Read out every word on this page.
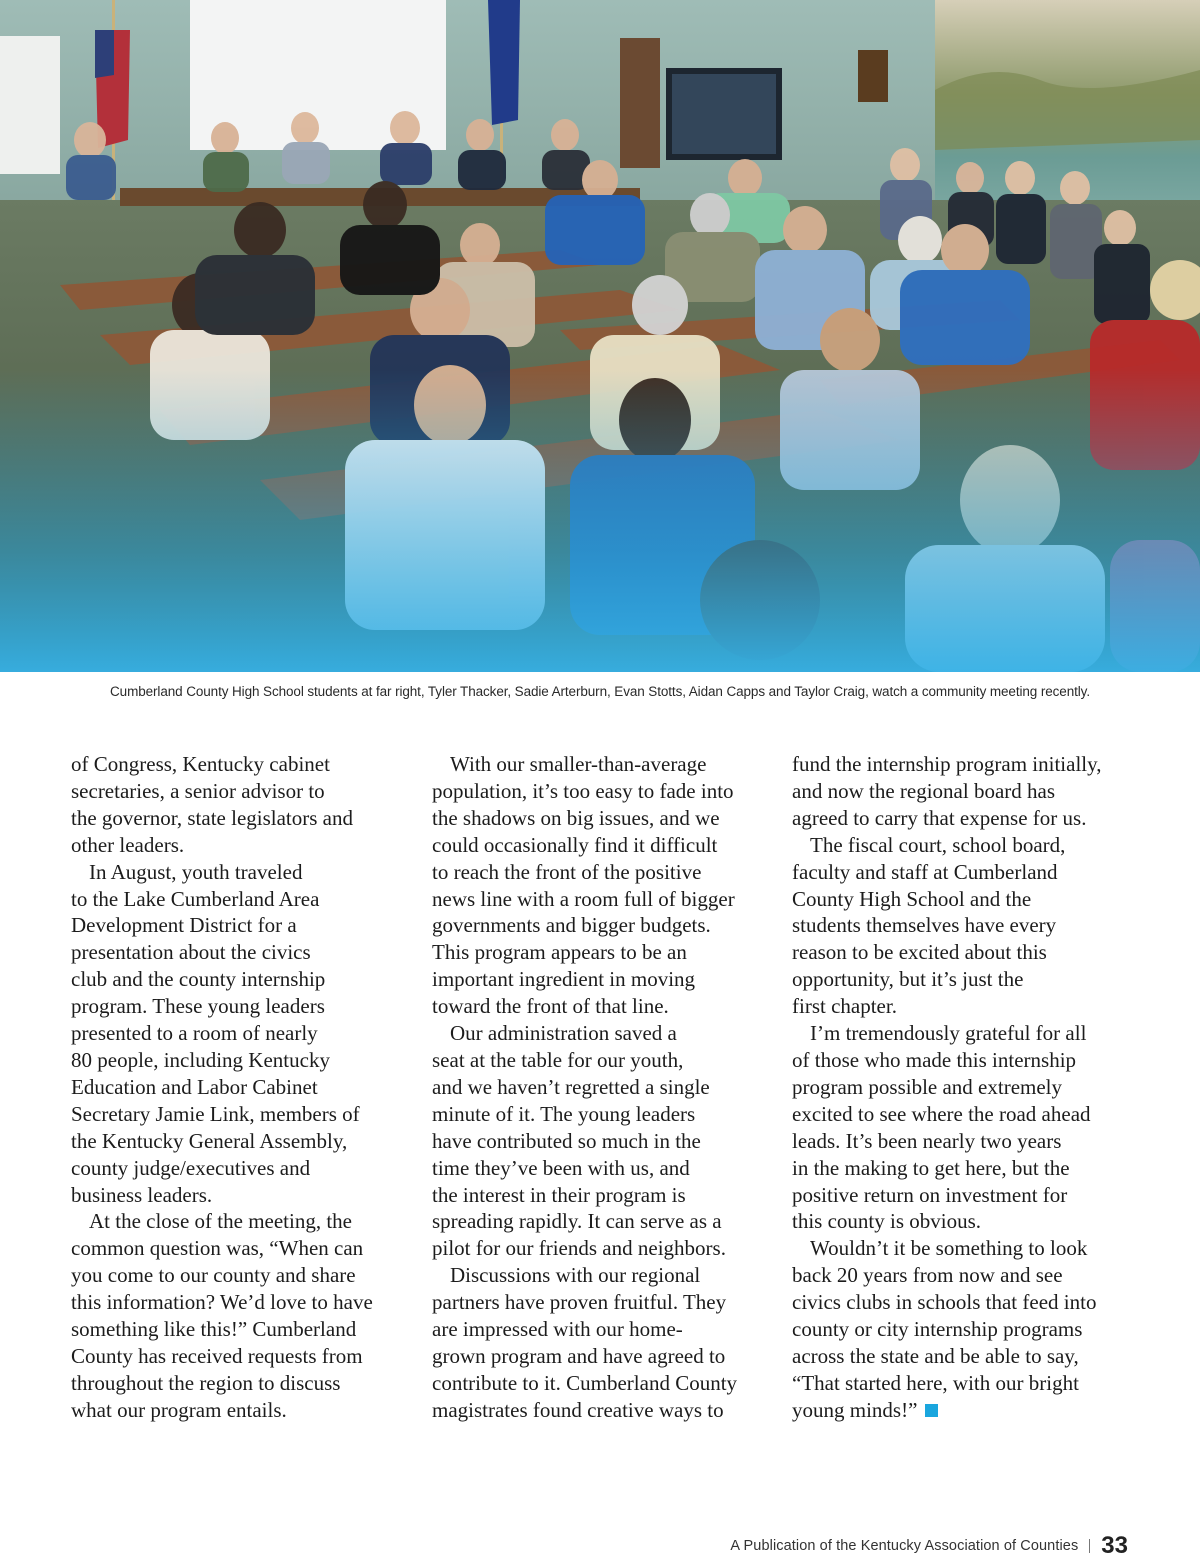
Cumberland County High School students at far right, Tyler Thacker, Sadie Arterburn, Evan Stotts, Aidan Capps and Taylor Craig, watch a community meeting recently.

of Congress, Kentucky cabinet
secretaries, a senior advisor to
the governor, state legislators and
other leaders.

In August, youth traveled
to the Lake Cumberland Area
Development District for a
presentation about the civics
club and the county internship
program. These young leaders
presented to a room of nearly
80 people, including Kentucky
Education and Labor Cabinet
Secretary Jamie Link, members of
the Kentucky General Assembly,
county judge/executives and
business leaders.

At the close of the meeting, the
common question was, “When can
you come to our county and share
this information? We’d love to have
something like this!” Cumberland
County has received requests from
throughout the region to discuss
what our program entails.

With our smaller-than-average
population, it’s too easy to fade into
the shadows on big issues, and we
could occasionally find it difficult
to reach the front of the positive
news line with a room full of bigger
governments and bigger budgets.
This program appears to be an
important ingredient in moving
toward the front of that line.

Our administration saved a
seat at the table for our youth,
and we haven’t regretted a single
minute of it. The young leaders
have contributed so much in the
time they’ve been with us, and
the interest in their program is
spreading rapidly. It can serve as a
pilot for our friends and neighbors.

Discussions with our regional
partners have proven fruitful. They
are impressed with our home-
grown program and have agreed to
contribute to it. Cumberland County
magistrates found creative ways to

fund the internship program initially,
and now the regional board has
agreed to carry that expense for us.

The fiscal court, school board,
faculty and staff at Cumberland
County High School and the
students themselves have every
reason to be excited about this
opportunity, but it’s just the
first chapter.

I’m tremendously grateful for all
of those who made this internship
program possible and extremely
excited to see where the road ahead
leads. It’s been nearly two years
in the making to get here, but the
positive return on investment for
this county is obvious.

Wouldn’t it be something to look
back 20 years from now and see
civics clubs in schools that feed into
county or city internship programs
across the state and be able to say,
“That started here, with our bright
young minds!”

A Publication of the Kentucky Association of Counties 33
